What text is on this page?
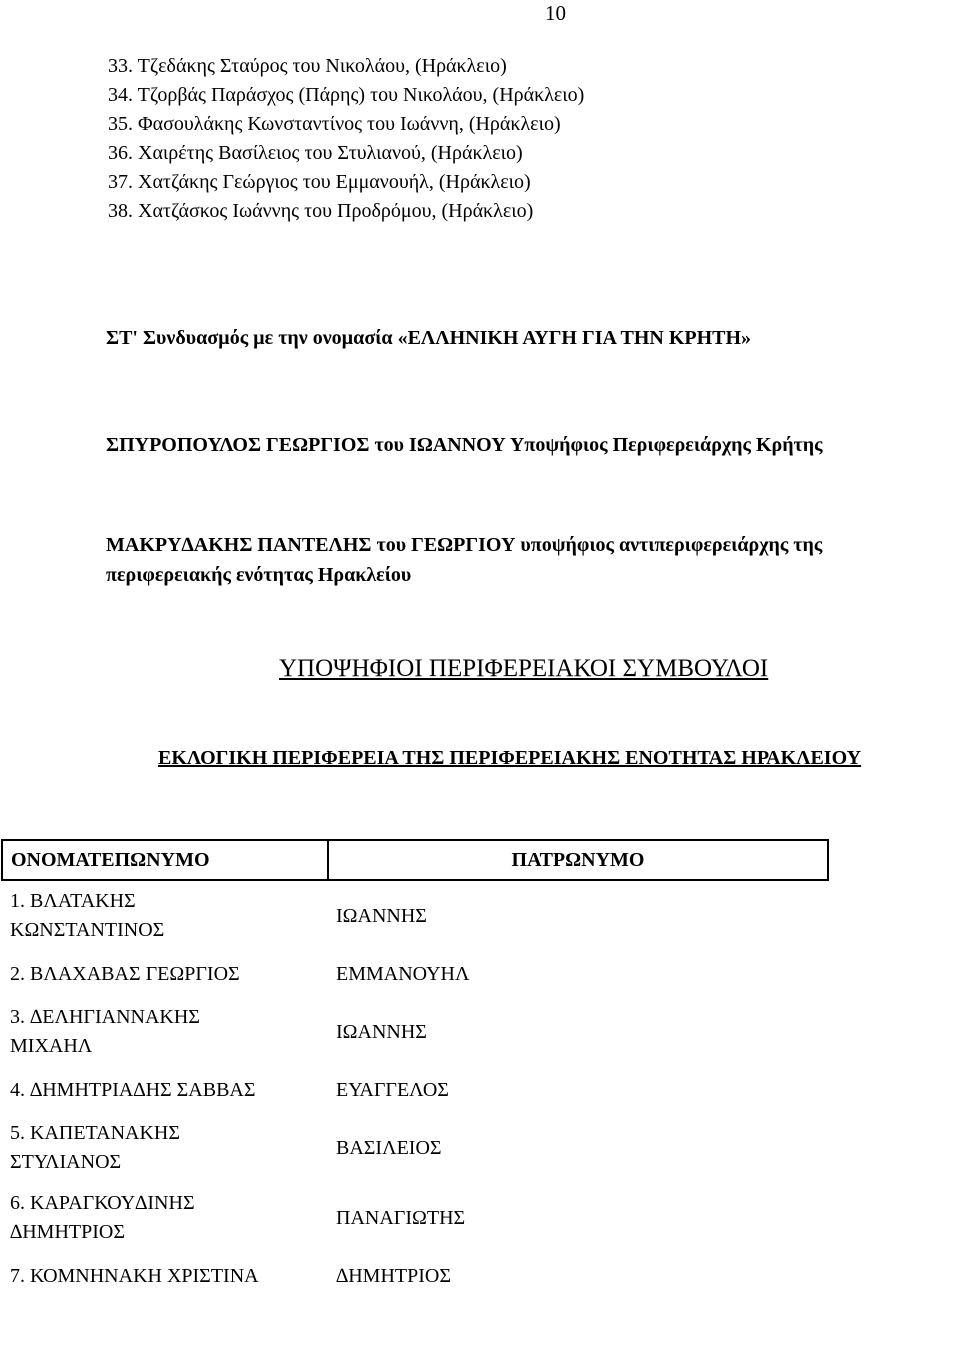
10
33. Τζεδάκης Σταύρος του Νικολάου, (Ηράκλειο)
34. Τζορβάς Παράσχος (Πάρης) του Νικολάου, (Ηράκλειο)
35. Φασουλάκης Κωνσταντίνος του Ιωάννη, (Ηράκλειο)
36. Χαιρέτης Βασίλειος του Στυλιανού, (Ηράκλειο)
37. Χατζάκης Γεώργιος του Εμμανουήλ, (Ηράκλειο)
38. Χατζάσκος Ιωάννης του Προδρόμου, (Ηράκλειο)
ΣΤ' Συνδυασµός µε την ονοµασία «ΕΛΛΗΝΙΚΗ ΑΥΓΗ ΓΙΑ ΤΗΝ ΚΡΗΤΗ»
ΣΠΥΡΟΠΟΥΛΟΣ ΓΕΩΡΓΙΟΣ του ΙΩΑΝΝΟΥ Υποψήφιος Περιφερειάρχης Κρήτης
ΜΑΚΡΥ∆ΑΚΗΣ ΠΑΝΤΕΛΗΣ του ΓΕΩΡΓΙΟΥ υποψήφιος αντιπεριφερειάρχης της
περιφερειακής ενότητας Ηρακλείου
ΥΠΟΨΗΦΙΟΙ ΠΕΡΙΦΕΡΕΙΑΚΟΙ ΣΥΜΒΟΥΛΟΙ
ΕΚΛΟΓΙΚΗ ΠΕΡΙΦΕΡΕΙΑ ΤΗΣ ΠΕΡΙΦΕΡΕΙΑΚΗΣ ΕΝΟΤΗΤΑΣ ΗΡΑΚΛΕΙΟΥ
ΟΝΟΜΑΤΕΠΩΝΥΜΟ	ΠΑΤΡΩΝΥΜΟ

1. ΒΛΑΤΑΚΗΣ
ΚΩΝΣΤΑΝΤΙΝΟΣ	ΙΩΑΝΝΗΣ
2. ΒΛΑΧΑΒΑΣ ΓΕΩΡΓΙΟΣ	ΕΜΜΑΝΟΥΗΛ

3. ∆ΕΛΗΓΙΑΝΝΑΚΗΣ
ΜΙΧΑΗΛ	ΙΩΑΝΝΗΣ
4. ∆ΗΜΗΤΡΙΑ∆ΗΣ ΣΑΒΒΑΣ	ΕΥΑΓΓΕΛΟΣ

5. ΚΑΠΕΤΑΝΑΚΗΣ
ΣΤΥΛΙΑΝΟΣ	ΒΑΣΙΛΕΙΟΣ

6. ΚΑΡΑΓΚΟΥ∆ΙΝΗΣ
∆ΗΜΗΤΡΙΟΣ	ΠΑΝΑΓΙΩΤΗΣ
7. ΚΟΜΝΗΝΑΚΗ ΧΡΙΣΤΙΝΑ	∆ΗΜΗΤΡΙΟΣ
